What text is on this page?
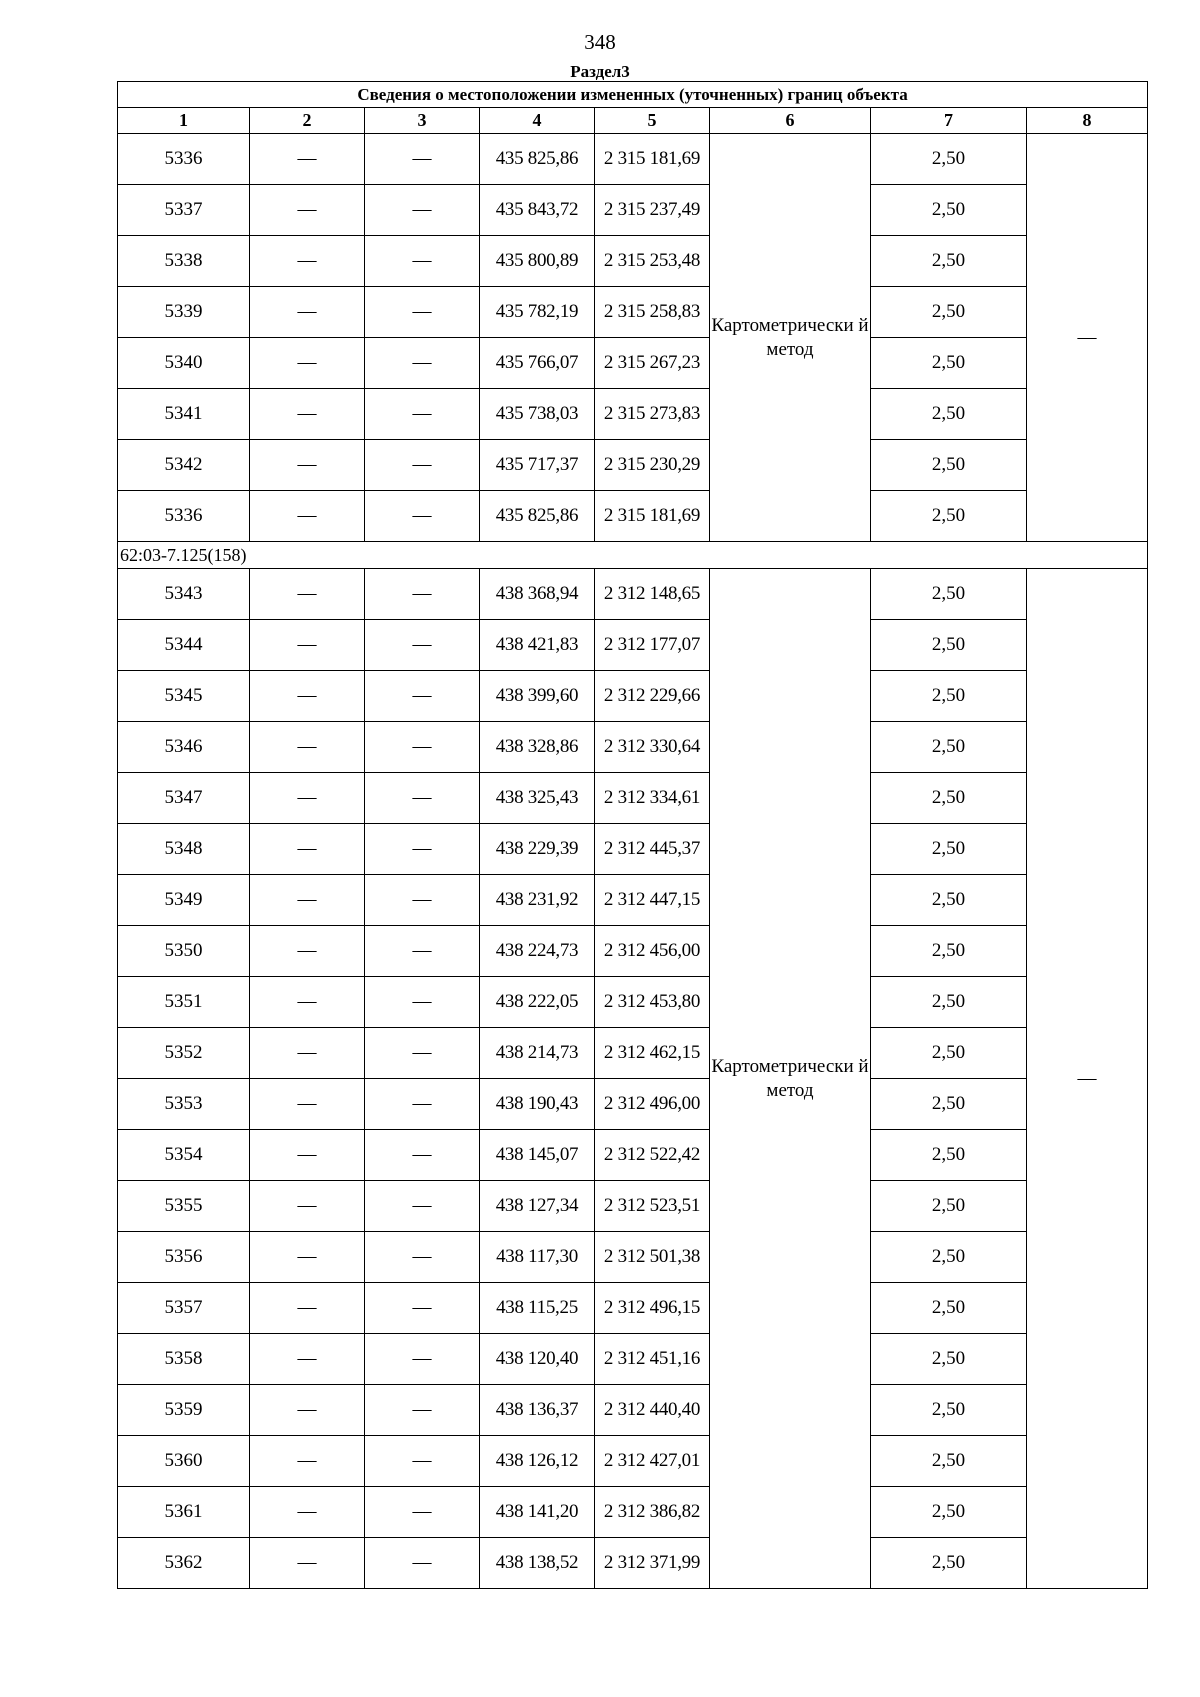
348
Раздел3
Сведения о местоположении измененных (уточненных) границ объекта							
1	2	3	4	5	6	7	8
5336	—	—	435 825,86	2 315 181,69	Картометрически й метод	2,50	—
5337	—	—	435 843,72	2 315 237,49		2,50	
5338	—	—	435 800,89	2 315 253,48		2,50	
5339	—	—	435 782,19	2 315 258,83		2,50	
5340	—	—	435 766,07	2 315 267,23		2,50	
5341	—	—	435 738,03	2 315 273,83		2,50	
5342	—	—	435 717,37	2 315 230,29		2,50	
5336	—	—	435 825,86	2 315 181,69		2,50	
62:03-7.125(158)							
5343	—	—	438 368,94	2 312 148,65	Картометрически й метод	2,50	—
5344	—	—	438 421,83	2 312 177,07		2,50	
5345	—	—	438 399,60	2 312 229,66		2,50	
5346	—	—	438 328,86	2 312 330,64		2,50	
5347	—	—	438 325,43	2 312 334,61		2,50	
5348	—	—	438 229,39	2 312 445,37		2,50	
5349	—	—	438 231,92	2 312 447,15		2,50	
5350	—	—	438 224,73	2 312 456,00		2,50	
5351	—	—	438 222,05	2 312 453,80		2,50	
5352	—	—	438 214,73	2 312 462,15		2,50	
5353	—	—	438 190,43	2 312 496,00		2,50	
5354	—	—	438 145,07	2 312 522,42		2,50	
5355	—	—	438 127,34	2 312 523,51		2,50	
5356	—	—	438 117,30	2 312 501,38		2,50	
5357	—	—	438 115,25	2 312 496,15		2,50	
5358	—	—	438 120,40	2 312 451,16		2,50	
5359	—	—	438 136,37	2 312 440,40		2,50	
5360	—	—	438 126,12	2 312 427,01		2,50	
5361	—	—	438 141,20	2 312 386,82		2,50	
5362	—	—	438 138,52	2 312 371,99		2,50	
